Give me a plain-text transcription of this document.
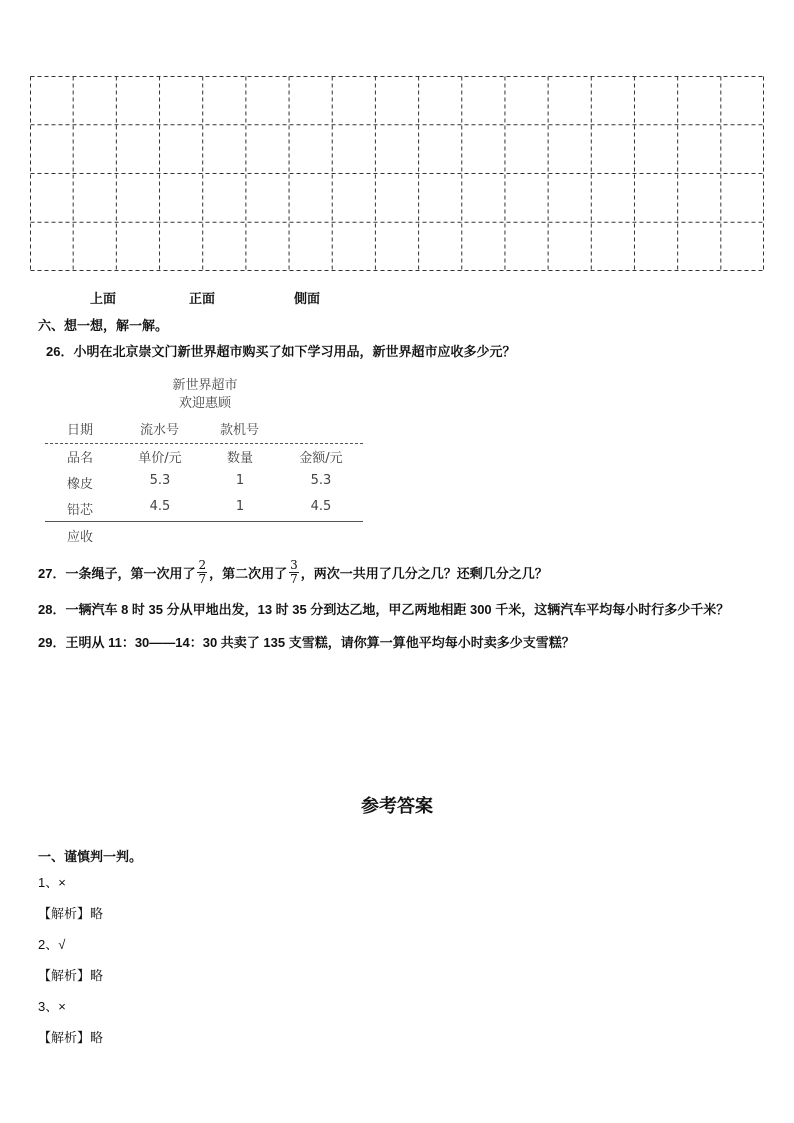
上面	正面	側面
六、想一想，解一解。
26．小明在北京崇文门新世界超市购买了如下学习用品，新世界超市应收多少元？
新世界超市
欢迎惠顾
日期	流水号	款机号
品名	单价/元	数量	金额/元
橡皮	5.3	1	5.3
铅芯	4.5	1	4.5
应收
27．一条绳子，第一次用了 $\frac{2}{7}$ ，第二次用了 $\frac{3}{7}$ ，两次一共用了几分之几？还剩几分之几？
28．一辆汽车 8 时 35 分从甲地出发，13 时 35 分到达乙地，甲乙两地相距 300 千米，这辆汽车平均每小时行多少千米？
29．王明从 11：30——14：30 共卖了 135 支雪糕，请你算一算他平均每小时卖多少支雪糕？
参考答案
一、谨慎判一判。
1、×
【解析】略
2、√
【解析】略
3、×
【解析】略
